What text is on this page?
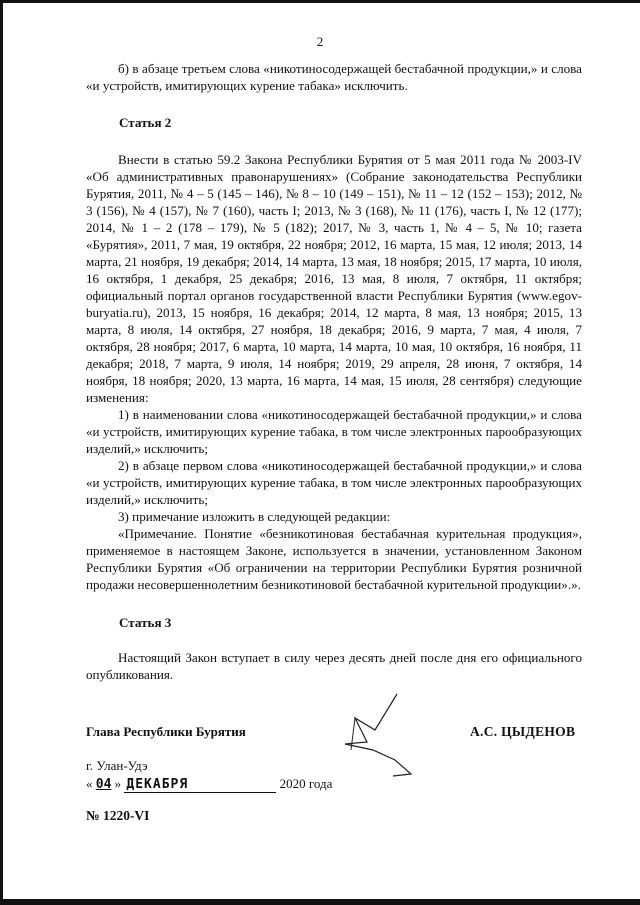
2

б) в абзаце третьем слова «никотиносодержащей бестабачной продукции,» и слова «и устройств, имитирующих курение табака» исключить.

Статья 2

Внести в статью 59.2 Закона Республики Бурятия от 5 мая 2011 года № 2003-IV «Об административных правонарушениях» (Собрание законодательства Республики Бурятия, 2011, № 4 – 5 (145 – 146), № 8 – 10 (149 – 151), № 11 – 12 (152 – 153); 2012, № 3 (156), № 4 (157), № 7 (160), часть I; 2013, № 3 (168), № 11 (176), часть I, № 12 (177); 2014, № 1 – 2 (178 – 179), № 5 (182); 2017, № 3, часть 1, № 4 – 5, № 10; газета «Бурятия», 2011, 7 мая, 19 октября, 22 ноября; 2012, 16 марта, 15 мая, 12 июля; 2013, 14 марта, 21 ноября, 19 декабря; 2014, 14 марта, 13 мая, 18 ноября; 2015, 17 марта, 10 июля, 16 октября, 1 декабря, 25 декабря; 2016, 13 мая, 8 июля, 7 октября, 11 октября; официальный портал органов государственной власти Республики Бурятия (www.egov-buryatia.ru), 2013, 15 ноября, 16 декабря; 2014, 12 марта, 8 мая, 13 ноября; 2015, 13 марта, 8 июля, 14 октября, 27 ноября, 18 декабря; 2016, 9 марта, 7 мая, 4 июля, 7 октября, 28 ноября; 2017, 6 марта, 10 марта, 14 марта, 10 мая, 10 октября, 16 ноября, 11 декабря; 2018, 7 марта, 9 июля, 14 ноября; 2019, 29 апреля, 28 июня, 7 октября, 14 ноября, 18 ноября; 2020, 13 марта, 16 марта, 14 мая, 15 июля, 28 сентября) следующие изменения:

1) в наименовании слова «никотиносодержащей бестабачной продукции,» и слова «и устройств, имитирующих курение табака, в том числе электронных парообразующих изделий,» исключить;

2) в абзаце первом слова «никотиносодержащей бестабачной продукции,» и слова «и устройств, имитирующих курение табака, в том числе электронных парообразующих изделий,» исключить;

3) примечание изложить в следующей редакции:

«Примечание. Понятие «безникотиновая бестабачная курительная продукция», применяемое в настоящем Законе, используется в значении, установленном Законом Республики Бурятия «Об ограничении на территории Республики Бурятия розничной продажи несовершеннолетним безникотиновой бестабачной курительной продукции».».

Статья 3

Настоящий Закон вступает в силу через десять дней после дня его официального опубликования.

Глава Республики Бурятия	А.С. ЦЫДЕНОВ
г. Улан-Удэ
« 04 » ДЕКАБРЯ	2020 года
№ 1220-VI
